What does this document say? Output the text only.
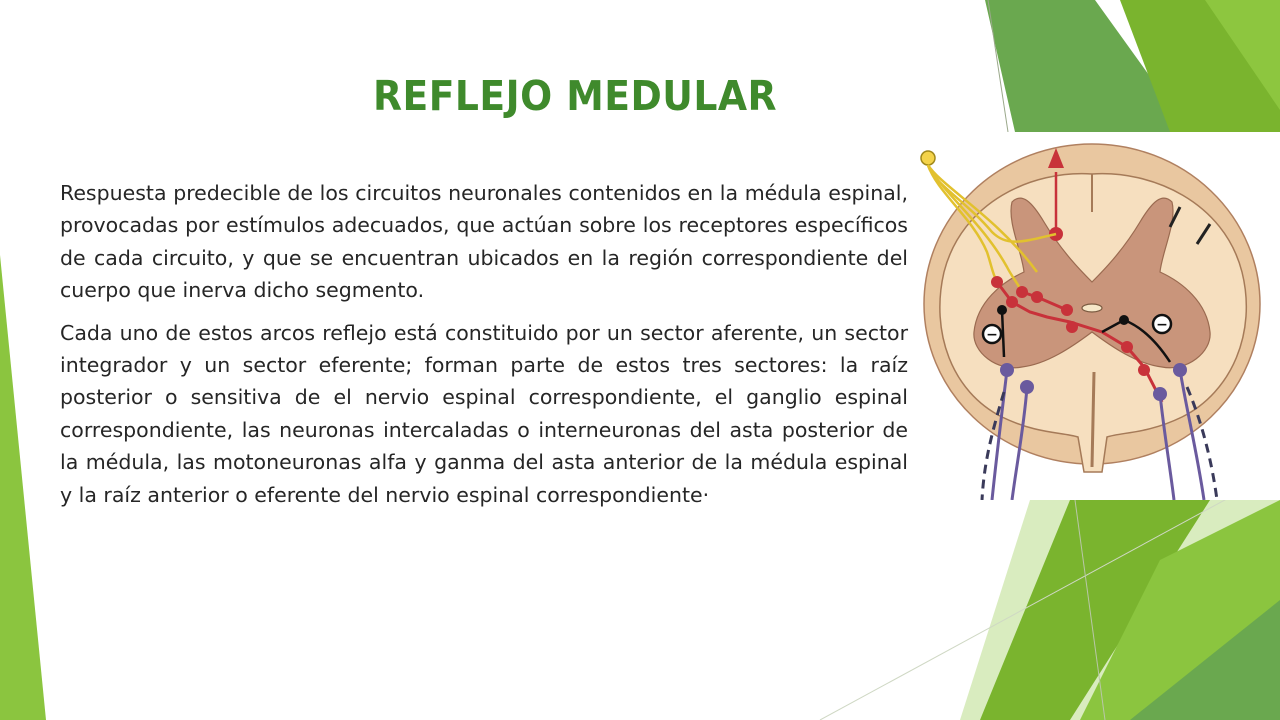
REFLEJO MEDULAR

Respuesta predecible de los circuitos neuronales contenidos en la médula espinal, provocadas por estímulos adecuados, que actúan sobre los receptores específicos de cada circuito, y que se encuentran ubicados en la región correspondiente del cuerpo que inerva dicho segmento.

Cada uno de estos arcos reflejo está constituido por un sector aferente, un sector integrador y un sector eferente; forman parte de estos tres sectores: la raíz posterior o sensitiva de el nervio espinal correspondiente, el ganglio espinal correspondiente, las neuronas intercaladas o interneuronas del asta posterior de la médula, las motoneuronas alfa y ganma del asta anterior de la médula espinal y la raíz anterior o eferente del nervio espinal correspondiente·

−
−
